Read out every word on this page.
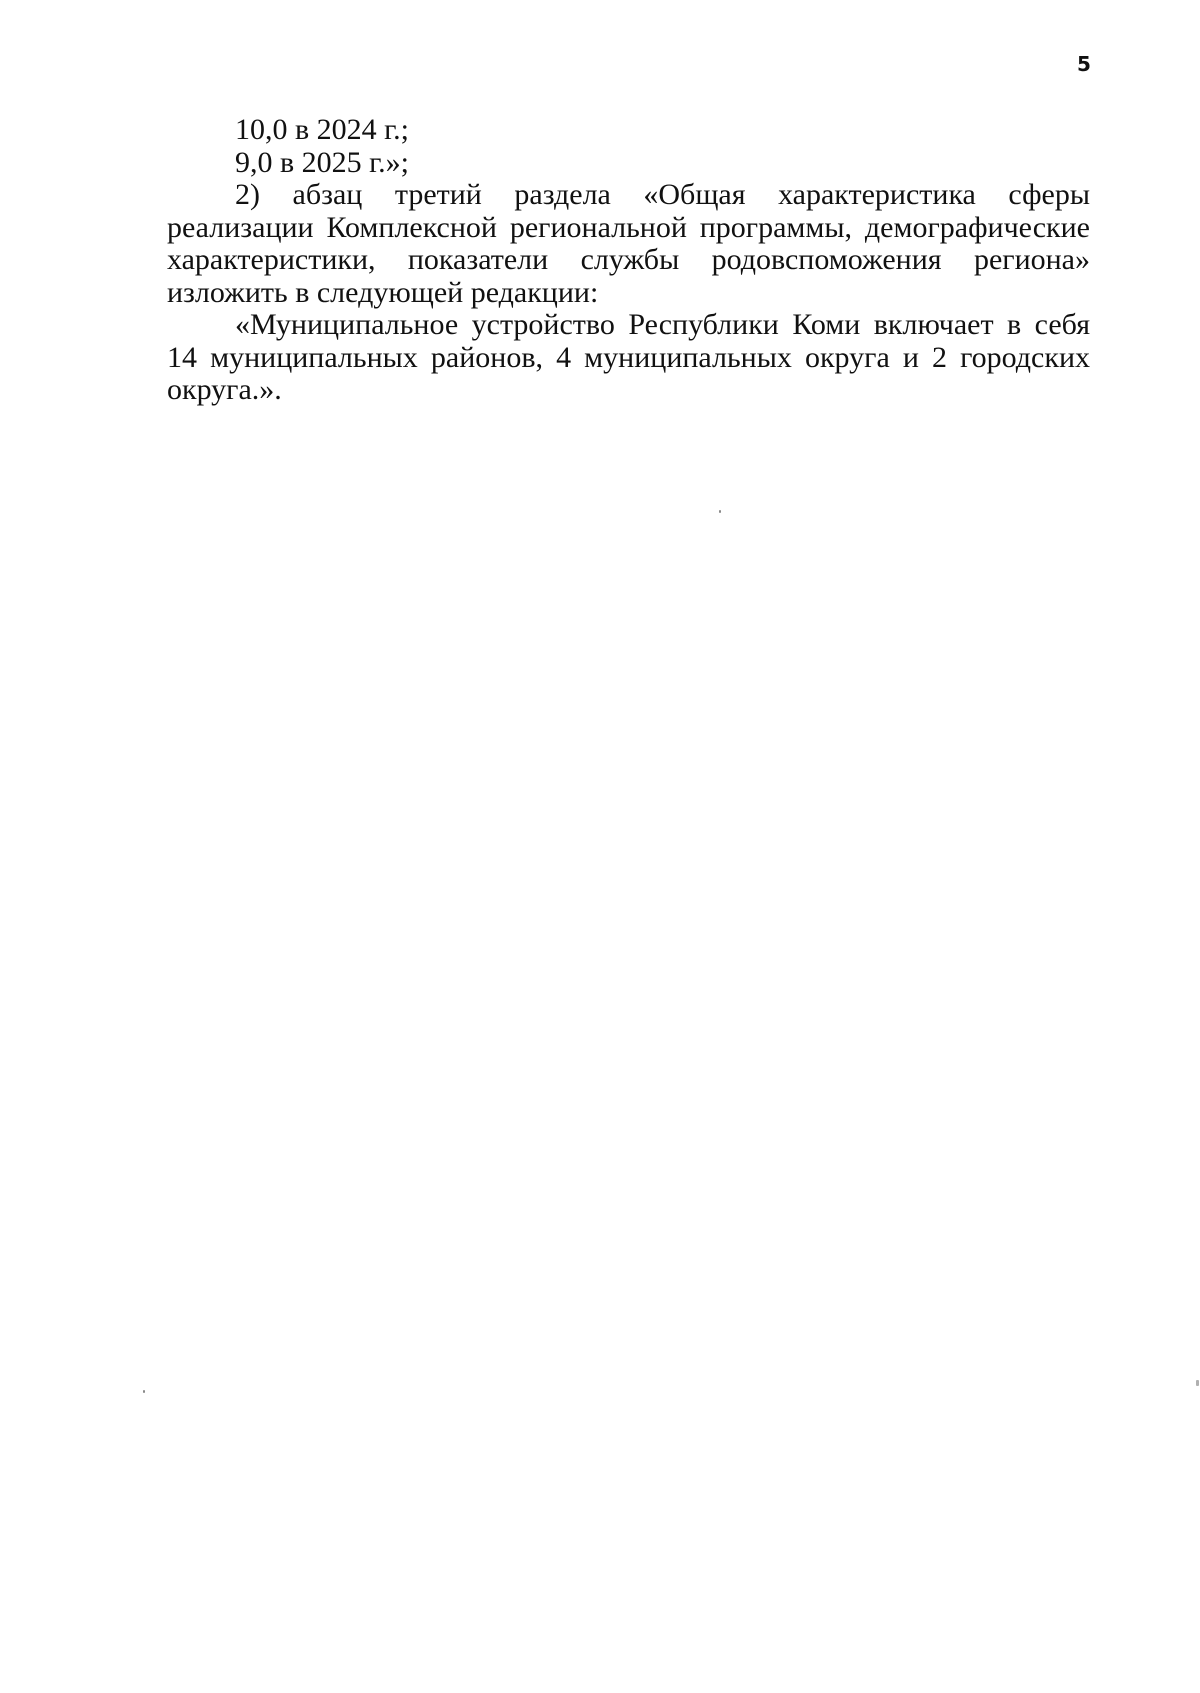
5
10,0 в 2024 г.;
9,0 в 2025 г.»;
2) абзац третий раздела «Общая характеристика сферы реализации Комплексной региональной программы, демографические характеристики, показатели службы родовспоможения региона» изложить в следующей редакции:
«Муниципальное устройство Республики Коми включает в себя 14 муниципальных районов, 4 муниципальных округа и 2 городских округа.».
